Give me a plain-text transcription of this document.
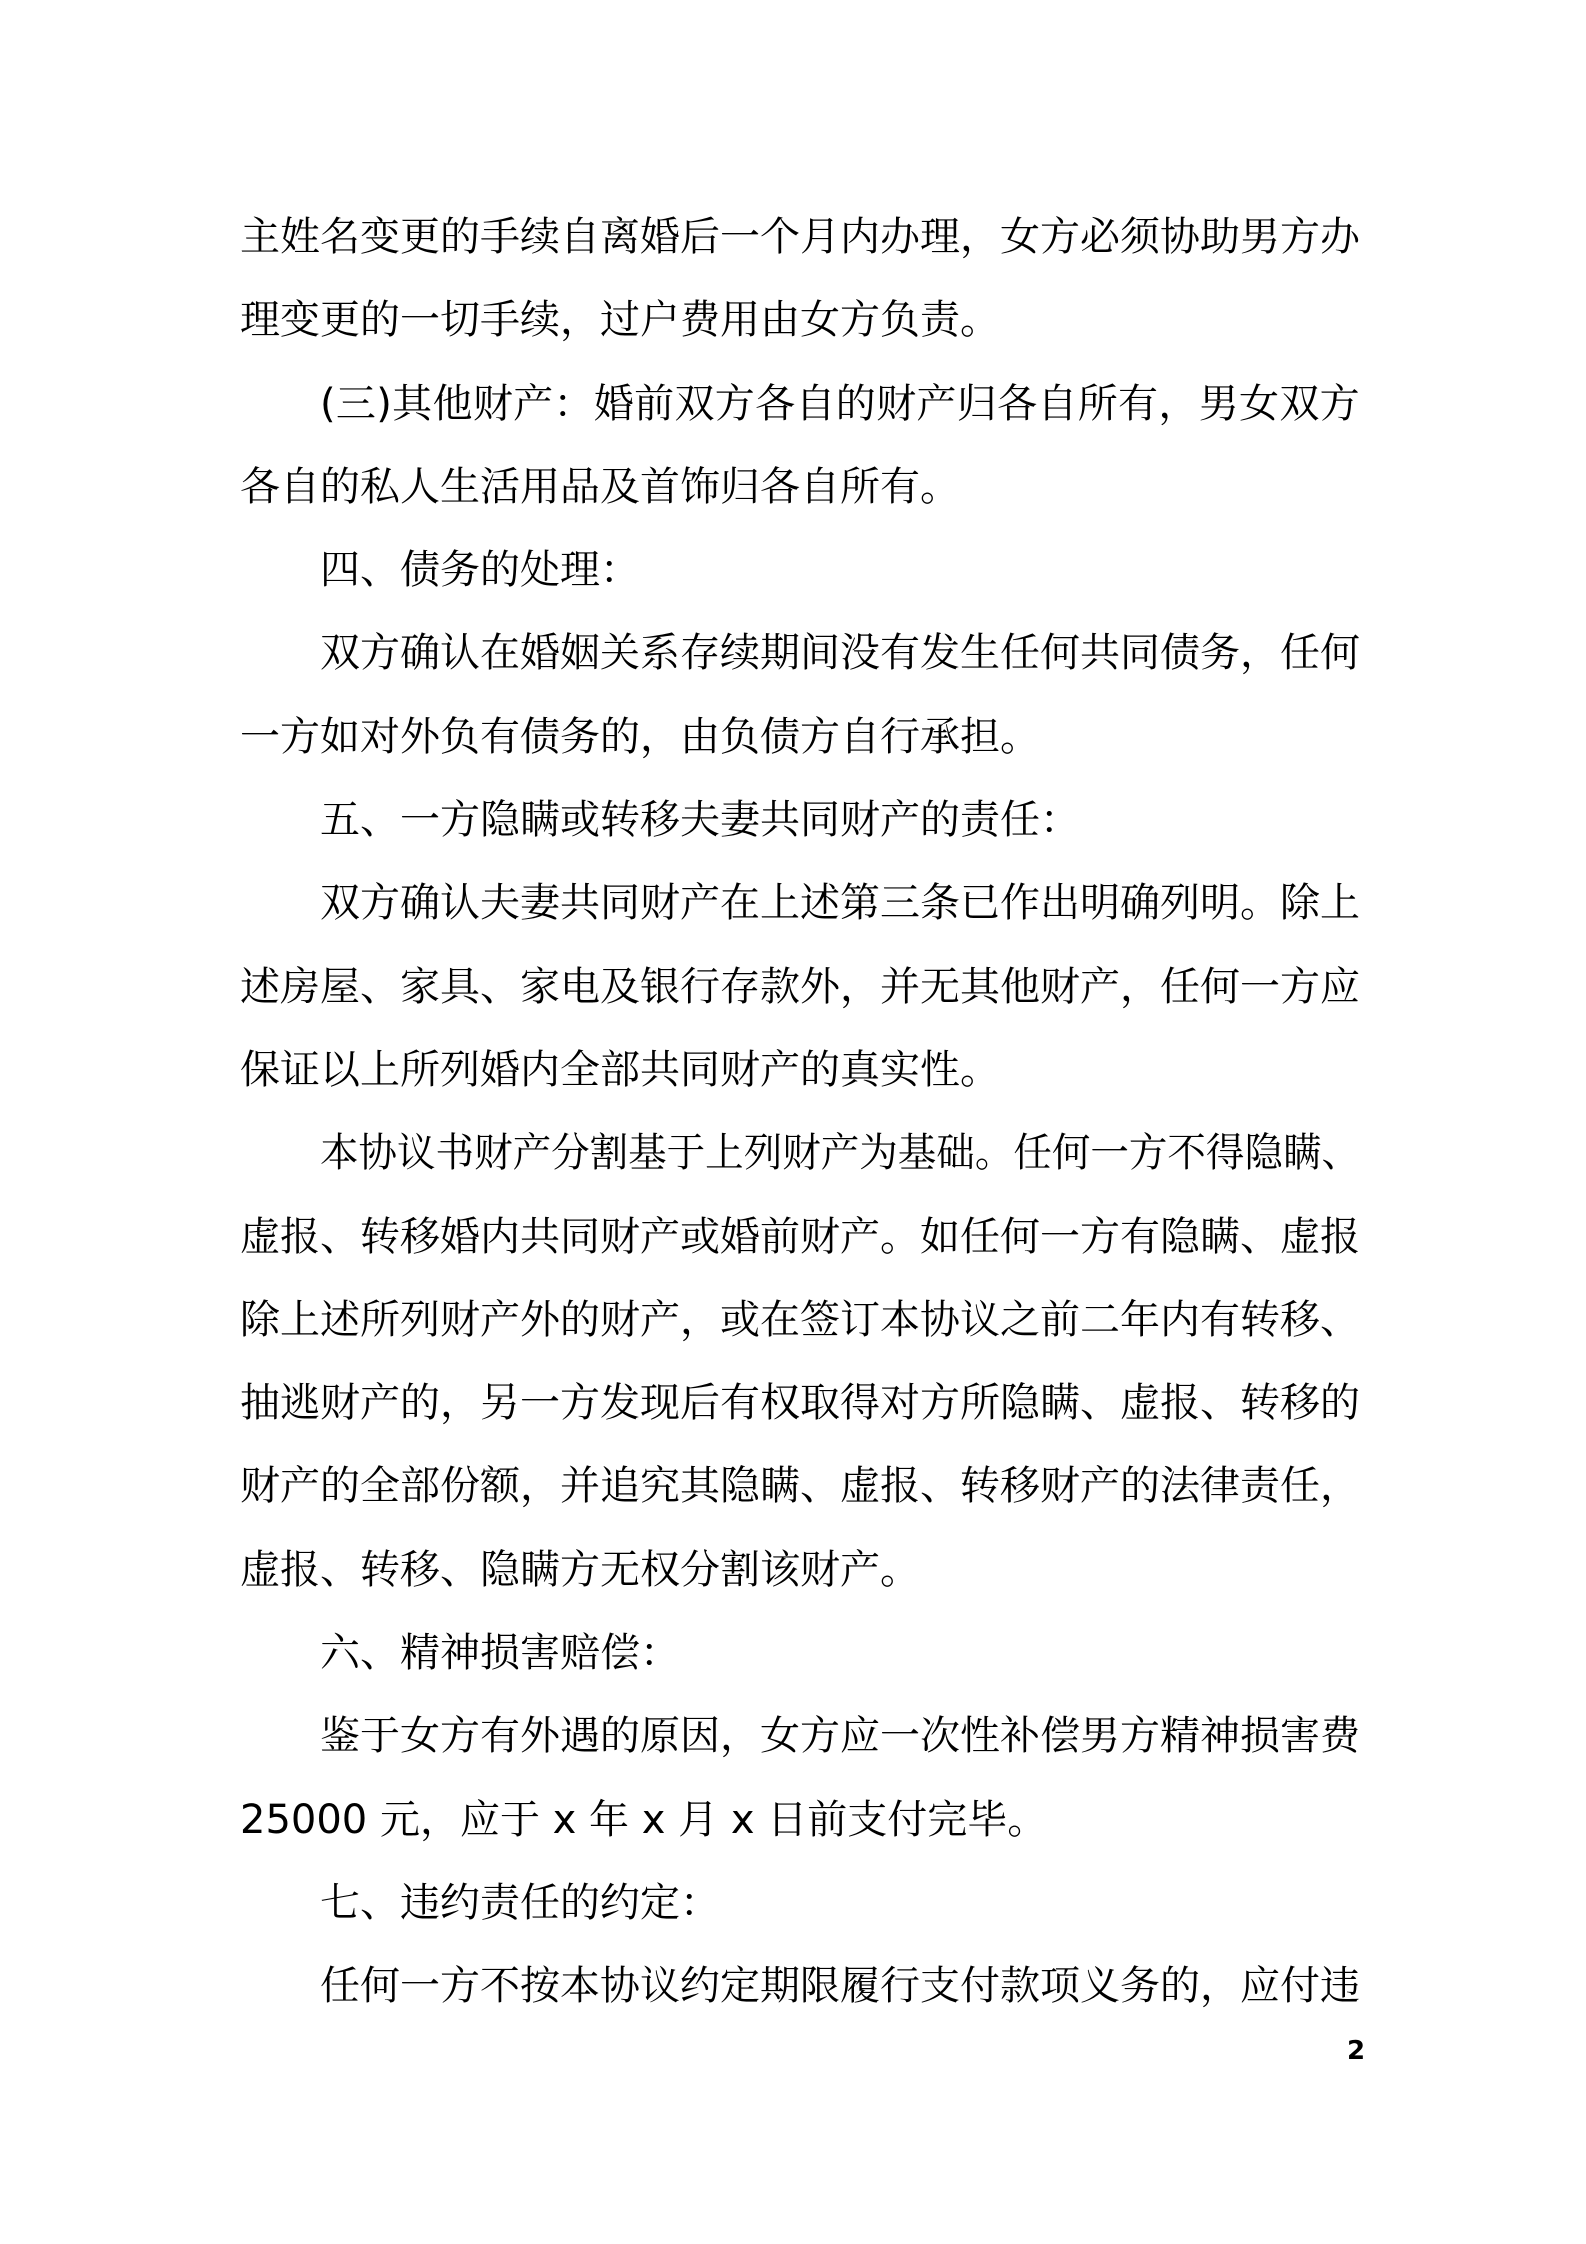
主姓名变更的手续自离婚后一个月内办理，女方必须协助男方办
理变更的一切手续，过户费用由女方负责。
(三)其他财产：婚前双方各自的财产归各自所有，男女双方
各自的私人生活用品及首饰归各自所有。
四、债务的处理：
双方确认在婚姻关系存续期间没有发生任何共同债务，任何
一方如对外负有债务的，由负债方自行承担。
五、一方隐瞒或转移夫妻共同财产的责任：
双方确认夫妻共同财产在上述第三条已作出明确列明。除上
述房屋、家具、家电及银行存款外，并无其他财产，任何一方应
保证以上所列婚内全部共同财产的真实性。
本协议书财产分割基于上列财产为基础。任何一方不得隐瞒、
虚报、转移婚内共同财产或婚前财产。如任何一方有隐瞒、虚报
除上述所列财产外的财产，或在签订本协议之前二年内有转移、
抽逃财产的，另一方发现后有权取得对方所隐瞒、虚报、转移的
财产的全部份额，并追究其隐瞒、虚报、转移财产的法律责任，
虚报、转移、隐瞒方无权分割该财产。
六、精神损害赔偿：
鉴于女方有外遇的原因，女方应一次性补偿男方精神损害费
25000 元，应于 x 年 x 月 x 日前支付完毕。
七、违约责任的约定：
任何一方不按本协议约定期限履行支付款项义务的，应付违
2
